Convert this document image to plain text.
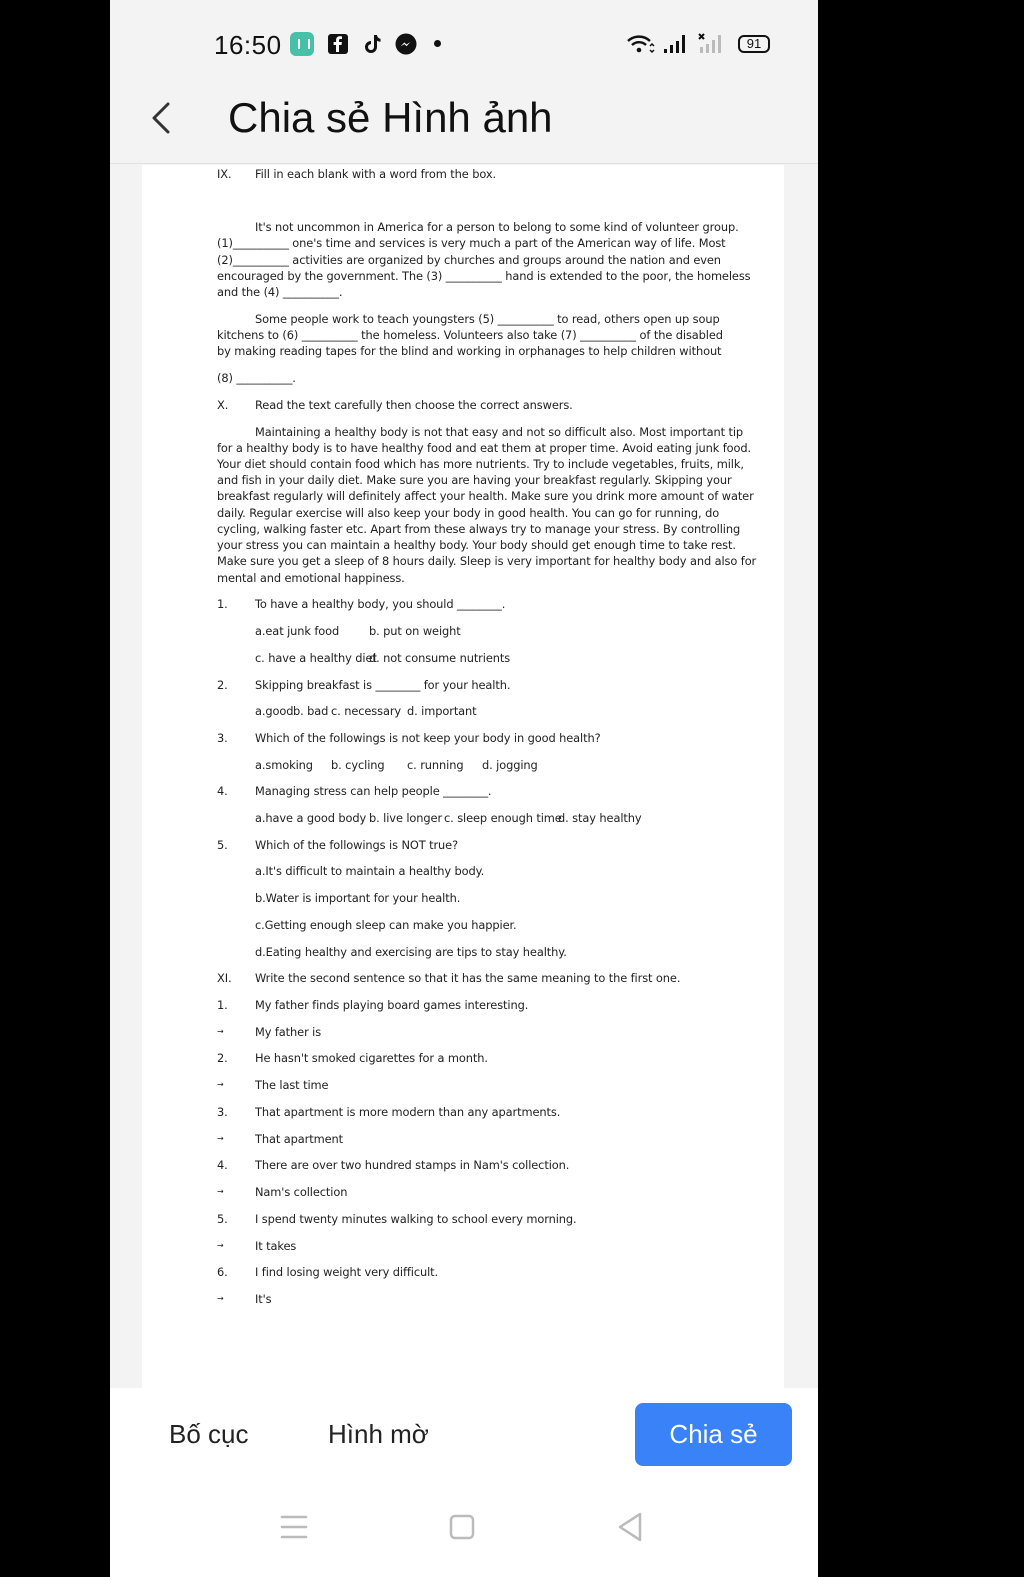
16:50	91
Chia sẻ Hình ảnh
IX. Fill in each blank with a word from the box.
It's not uncommon in America for a person to belong to some kind of volunteer group.
(1)__________ one's time and services is very much a part of the American way of life. Most
(2)__________ activities are organized by churches and groups around the nation and even
encouraged by the government. The (3) __________ hand is extended to the poor, the homeless
and the (4) __________.
Some people work to teach youngsters (5) __________ to read, others open up soup
kitchens to (6) __________ the homeless. Volunteers also take (7) __________ of the disabled
by making reading tapes for the blind and working in orphanages to help children without
(8) __________.
X. Read the text carefully then choose the correct answers.
Maintaining a healthy body is not that easy and not so difficult also. Most important tip
for a healthy body is to have healthy food and eat them at proper time. Avoid eating junk food.
Your diet should contain food which has more nutrients. Try to include vegetables, fruits, milk,
and fish in your daily diet. Make sure you are having your breakfast regularly. Skipping your
breakfast regularly will definitely affect your health. Make sure you drink more amount of water
daily. Regular exercise will also keep your body in good health. You can go for running, do
cycling, walking faster etc. Apart from these always try to manage your stress. By controlling
your stress you can maintain a healthy body. Your body should get enough time to take rest.
Make sure you get a sleep of 8 hours daily. Sleep is very important for healthy body and also for
mental and emotional happiness.
1. To have a healthy body, you should ________.
a.eat junk food	b. put on weight
c. have a healthy diet
d. not consume nutrients
2. Skipping breakfast is ________ for your health.
a.good b. bad c. necessary d. important
3. Which of the followings is not keep your body in good health?
a.smoking b. cycling c. running d. jogging
4. Managing stress can help people ________.
a.have a good body b. live longer c. sleep enough time
d. stay healthy
5. Which of the followings is NOT true?
a.It's difficult to maintain a healthy body.
b.Water is important for your health.
c.Getting enough sleep can make you happier.
d.Eating healthy and exercising are tips to stay healthy.
XI. Write the second sentence so that it has the same meaning to the first one.
1. My father finds playing board games interesting.
→	My father is
2. He hasn't smoked cigarettes for a month.
→	The last time
3. That apartment is more modern than any apartments.
→	That apartment
4. There are over two hundred stamps in Nam's collection.
→	Nam's collection
5. I spend twenty minutes walking to school every morning.
→	It takes
6. I find losing weight very difficult.
→	It's
Bố cục	Hình mờ	Chia sẻ
